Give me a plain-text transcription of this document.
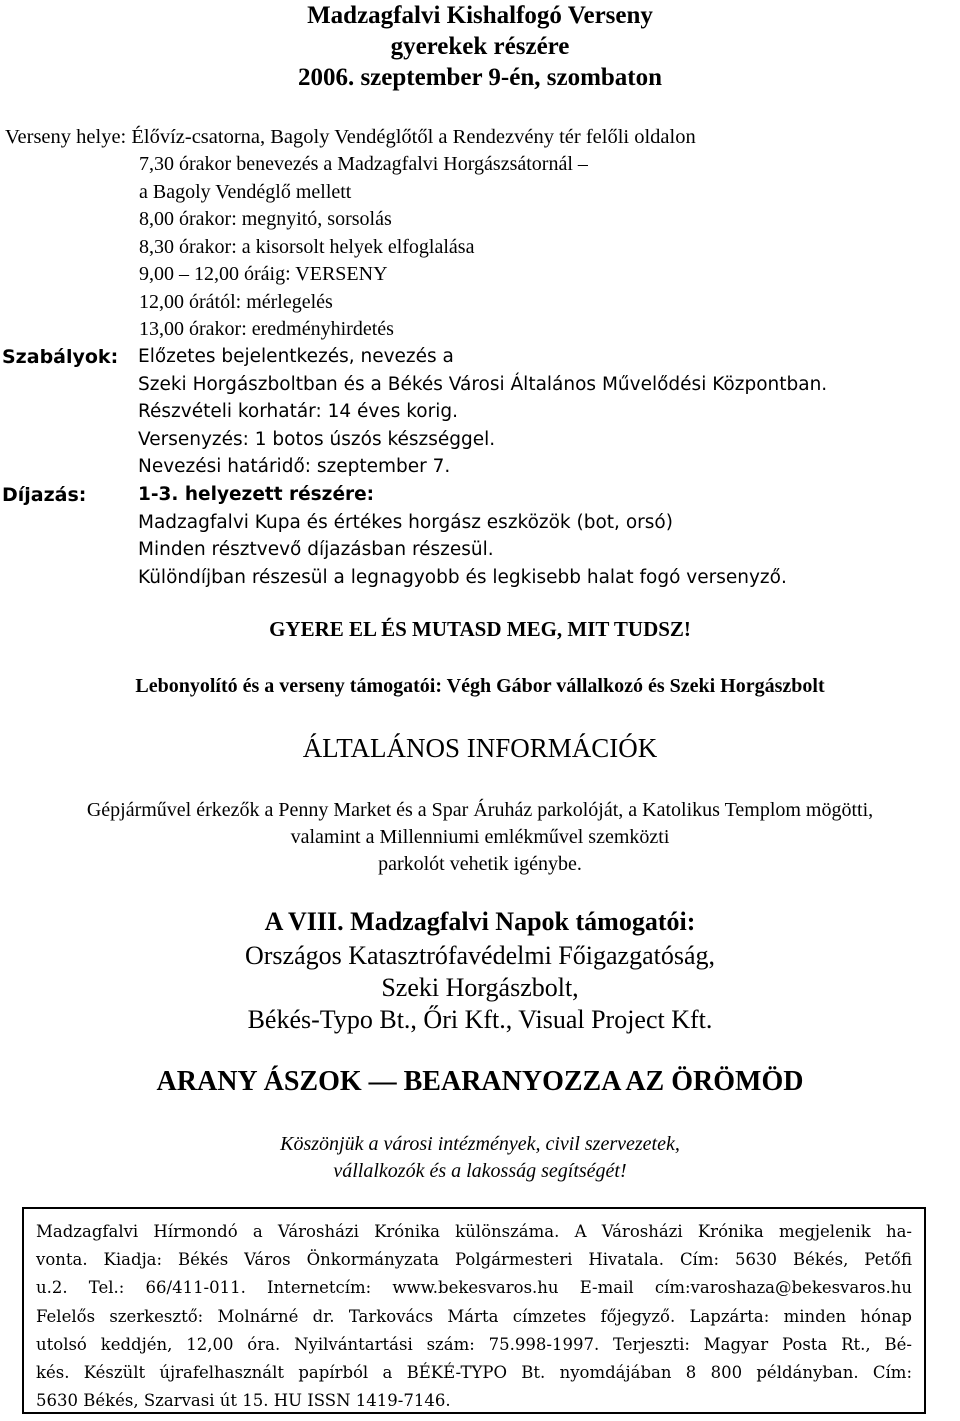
Madzagfalvi Kishalfogó Verseny
gyerekek részére
2006. szeptember 9-én, szombaton
Verseny helye: Élővíz-csatorna, Bagoly Vendéglőtől a Rendezvény tér felőli oldalon
7,30 órakor benevezés a Madzagfalvi Horgászsátornál –
a Bagoly Vendéglő mellett
8,00 órakor: megnyitó, sorsolás
8,30 órakor: a kisorsolt helyek elfoglalása
9,00 – 12,00 óráig: VERSENY
12,00 órától: mérlegelés
13,00 órakor: eredményhirdetés
Szabályok: Előzetes bejelentkezés, nevezés a
Szeki Horgászboltban és a Békés Városi Általános Művelődési Központban.
Részvételi korhatár: 14 éves korig.
Versenyzés: 1 botos úszós készséggel.
Nevezési határidő: szeptember 7.
Díjazás:	1-3. helyezett részére:
Madzagfalvi Kupa és értékes horgász eszközök (bot, orsó)
Minden résztvevő díjazásban részesül.
Különdíjban részesül a legnagyobb és legkisebb halat fogó versenyző.
GYERE EL ÉS MUTASD MEG, MIT TUDSZ!
Lebonyolító és a verseny támogatói: Végh Gábor vállalkozó és Szeki Horgászbolt
ÁLTALÁNOS INFORMÁCIÓK
Gépjárművel érkezők a Penny Market és a Spar Áruház parkolóját, a Katolikus Templom mögötti,
valamint a Millenniumi emlékművel szemközti
parkolót vehetik igénybe.
A VIII. Madzagfalvi Napok támogatói:
Országos Katasztrófavédelmi Főigazgatóság,
Szeki Horgászbolt,
Békés-Typo Bt., Őri Kft., Visual Project Kft.
ARANY ÁSZOK — BEARANYOZZA AZ ÖRÖMÖD
Köszönjük a városi intézmények, civil szervezetek,
vállalkozók és a lakosság segítségét!
Madzagfalvi Hírmondó a Városházi Krónika különszáma. A Városházi Krónika megjelenik ha-
vonta. Kiadja: Békés Város Önkormányzata Polgármesteri Hivatala. Cím: 5630 Békés, Petőfi
u.2. Tel.: 66/411-011. Internetcím: www.bekesvaros.hu E-mail cím:varoshaza@bekesvaros.hu
Felelős szerkesztő: Molnárné dr. Tarkovács Márta címzetes főjegyző. Lapzárta: minden hónap
utolsó keddjén, 12,00 óra. Nyilvántartási szám: 75.998-1997. Terjeszti: Magyar Posta Rt., Bé-
kés. Készült újrafelhasznált papírból a BÉKÉ-TYPO Bt. nyomdájában 8 800 példányban. Cím:
5630 Békés, Szarvasi út 15. HU ISSN 1419-7146.
